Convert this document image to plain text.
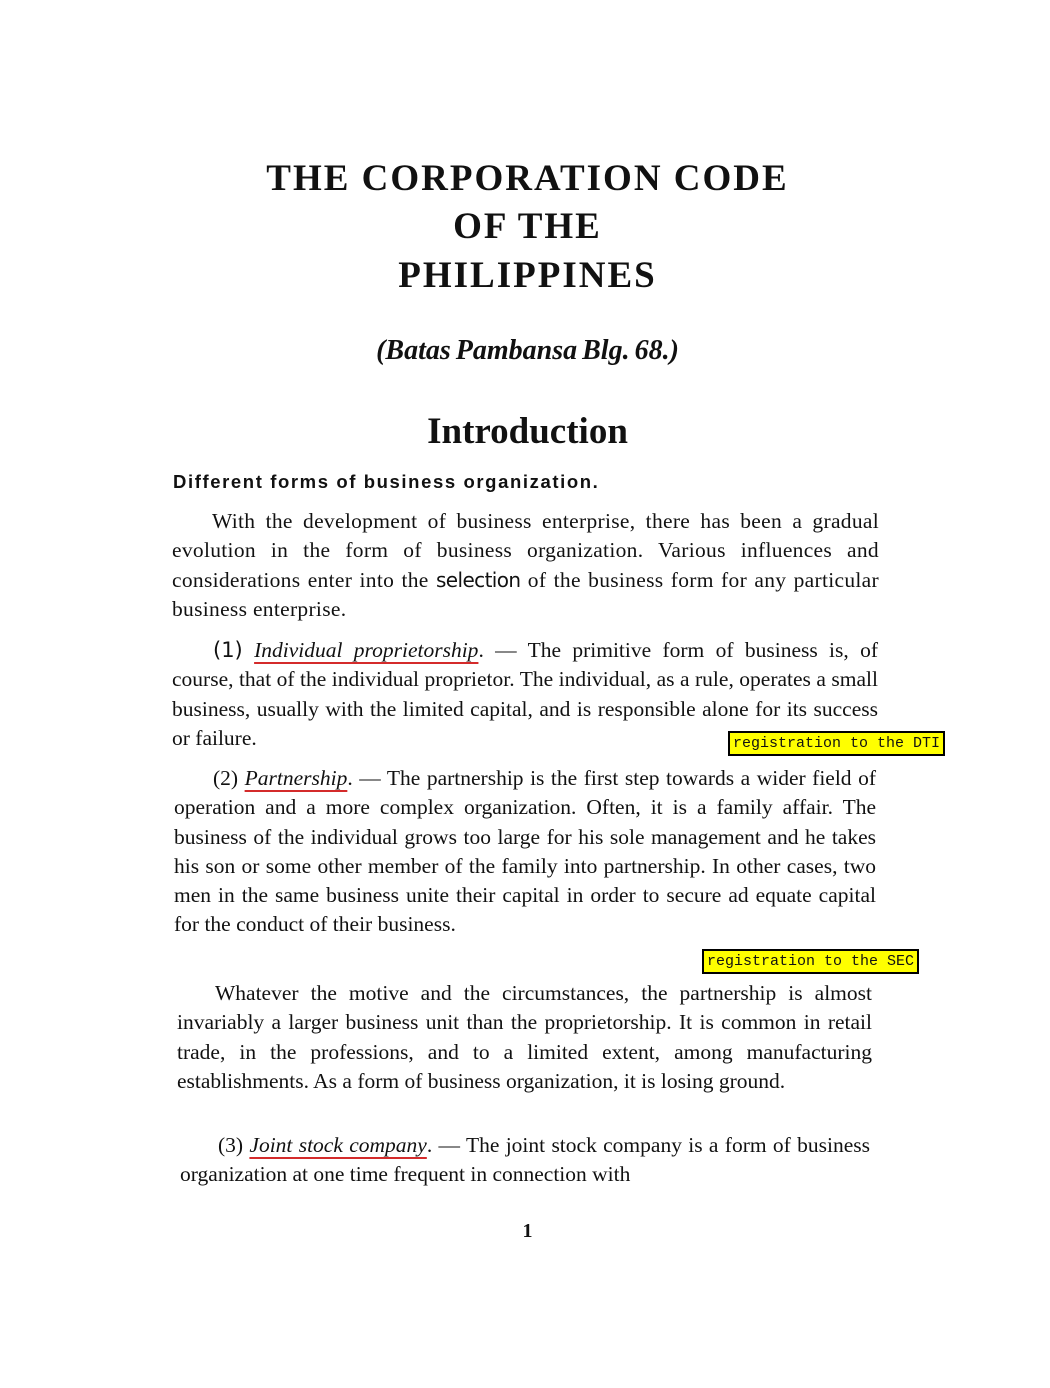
THE CORPORATION CODE
OF THE
PHILIPPINES

(Batas Pambansa Blg. 68.)

Introduction
Different forms of business organization.

With the development of business enterprise, there has been a gradual evolution in the form of business organization. Various influences and considerations enter into the selection of the business form for any particular business enterprise.

(1) Individual proprietorship. — The primitive form of business is, of course, that of the individual proprietor. The individual, as a rule, operates a small business, usually with the limited capital, and is responsible alone for its success or failure.	registration to the DTI

(2) Partnership. — The partnership is the first step towards a wider field of operation and a more complex organization. Often, it is a family affair. The business of the individual grows too large for his sole management and he takes his son or some other member of the family into partnership. In other cases, two men in the same business unite their capital in order to secure ad equate capital for the conduct of their business.

registration to the SEC

Whatever the motive and the circumstances, the partnership is almost invariably a larger business unit than the proprietorship. It is common in retail trade, in the professions, and to a limited extent, among manufacturing establishments. As a form of business organization, it is losing ground.

(3) Joint stock company. — The joint stock company is a form of business organization at one time frequent in connection with

1
